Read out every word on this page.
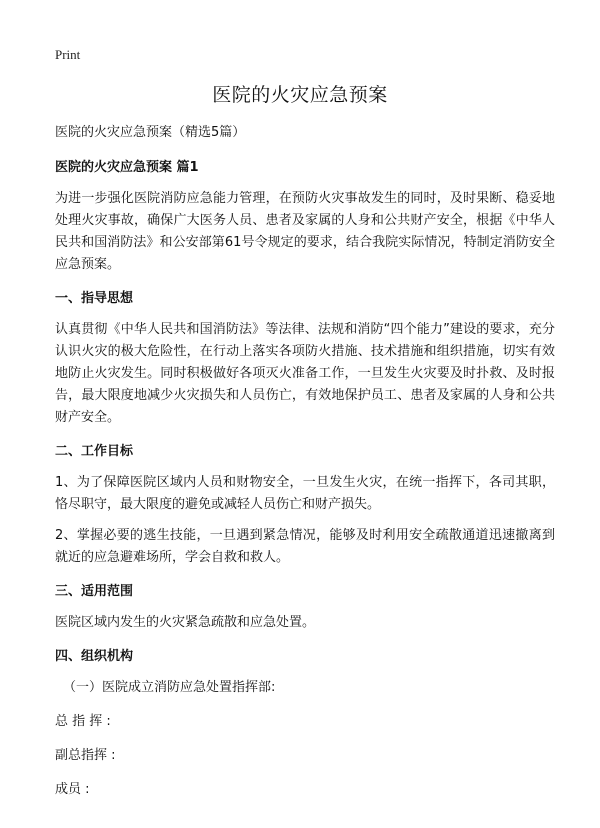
Print
医院的火灾应急预案

医院的火灾应急预案（精选5篇）

医院的火灾应急预案 篇1

为进一步强化医院消防应急能力管理，在预防火灾事故发生的同时，及时果断、稳妥地处理火灾事故，确保广大医务人员、患者及家属的人身和公共财产安全，根据《中华人民共和国消防法》和公安部第61号令规定的要求，结合我院实际情况，特制定消防安全应急预案。

一、指导思想

认真贯彻《中华人民共和国消防法》等法律、法规和消防“四个能力”建设的要求，充分认识火灾的极大危险性，在行动上落实各项防火措施、技术措施和组织措施，切实有效地防止火灾发生。同时积极做好各项灭火准备工作，一旦发生火灾要及时扑救、及时报告，最大限度地减少火灾损失和人员伤亡，有效地保护员工、患者及家属的人身和公共财产安全。

二、工作目标

1、为了保障医院区域内人员和财物安全，一旦发生火灾，在统一指挥下，各司其职，恪尽职守，最大限度的避免或减轻人员伤亡和财产损失。

2、掌握必要的逃生技能，一旦遇到紧急情况，能够及时利用安全疏散通道迅速撤离到就近的应急避难场所，学会自救和救人。

三、适用范围

医院区域内发生的火灾紧急疏散和应急处置。

四、组织机构

（一）医院成立消防应急处置指挥部:

总 指 挥 :

副总指挥 :

成员 :
